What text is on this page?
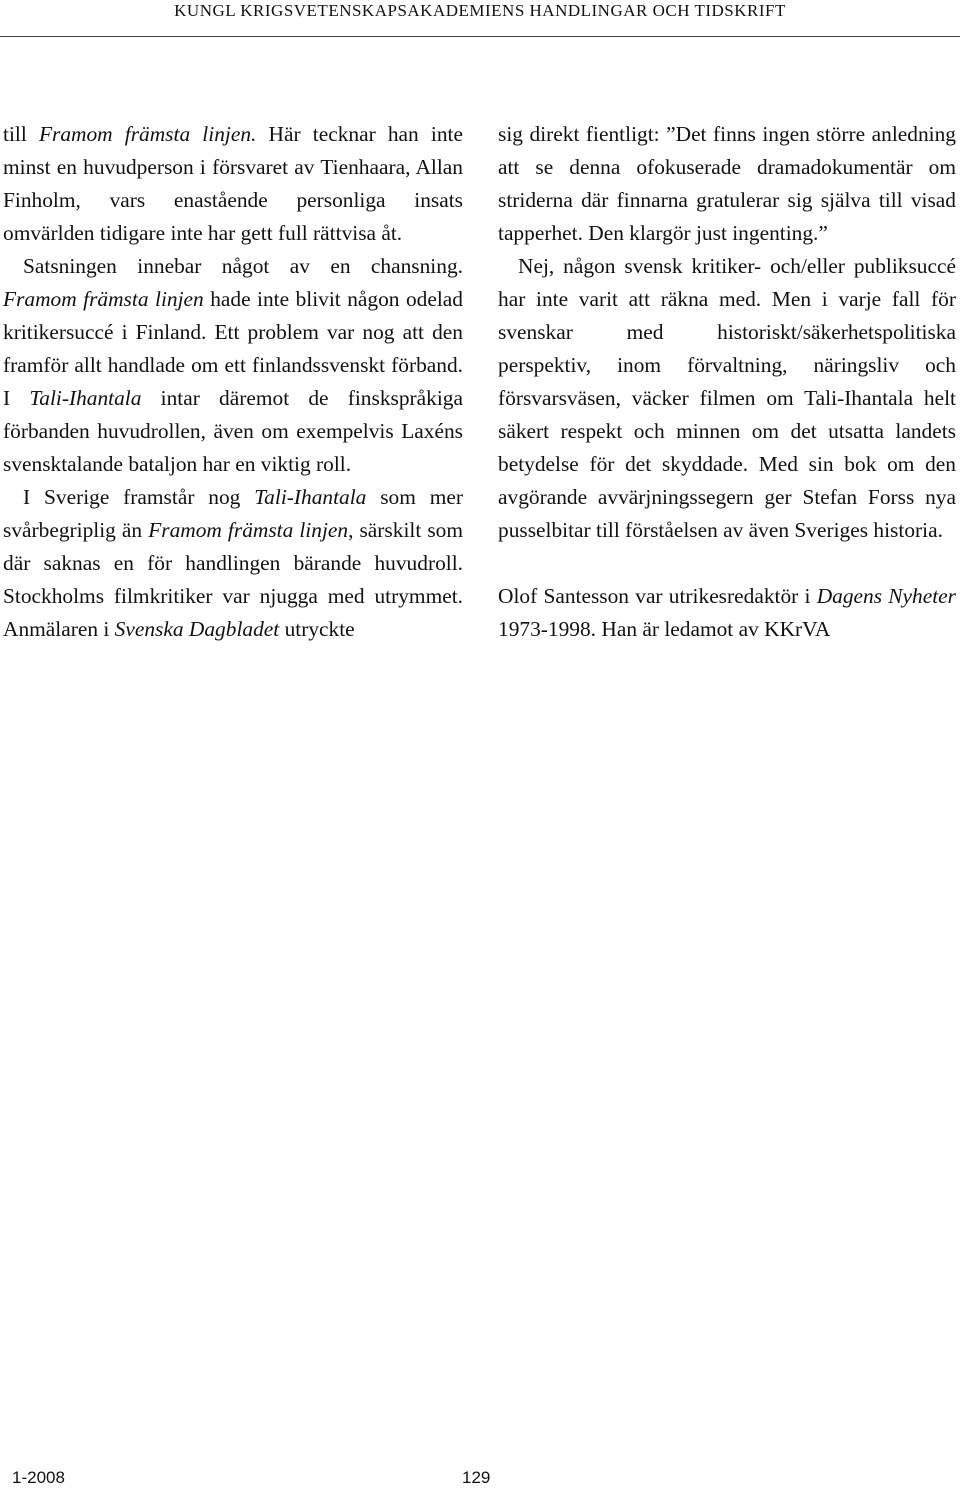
KUNGL KRIGSVETENSKAPSAKADEMIENS HANDLINGAR OCH TIDSKRIFT

till Framom främsta linjen. Här tecknar han inte minst en huvudperson i försvaret av Tienhaara, Allan Finholm, vars enastående personliga insats omvärlden tidigare inte har gett full rättvisa åt.

Satsningen innebar något av en chansning. Framom främsta linjen hade inte blivit någon odelad kritikersuccé i Finland. Ett problem var nog att den framför allt handlade om ett finlandssvenskt förband. I Tali-Ihantala intar däremot de finskspråkiga förbanden huvudrollen, även om exempelvis Laxéns svensktalande bataljon har en viktig roll.

I Sverige framstår nog Tali-Ihantala som mer svårbegriplig än Framom främsta linjen, särskilt som där saknas en för handlingen bärande huvudroll. Stockholms filmkritiker var njugga med utrymmet. Anmälaren i Svenska Dagbladet utryckte

sig direkt fientligt: ”Det finns ingen större anledning att se denna ofokuserade dramadokumentär om striderna där finnarna gratulerar sig själva till visad tapperhet. Den klargör just ingenting.”

Nej, någon svensk kritiker- och/eller publiksuccé har inte varit att räkna med. Men i varje fall för svenskar med historiskt/säkerhetspolitiska perspektiv, inom förvaltning, näringsliv och försvarsväsen, väcker filmen om Tali-Ihantala helt säkert respekt och minnen om det utsatta landets betydelse för det skyddade. Med sin bok om den avgörande avvärjningssegern ger Stefan Forss nya pusselbitar till förståelsen av även Sveriges historia.

Olof Santesson var utrikesredaktör i Dagens Nyheter 1973-1998. Han är ledamot av KKrVA

1-2008	129
